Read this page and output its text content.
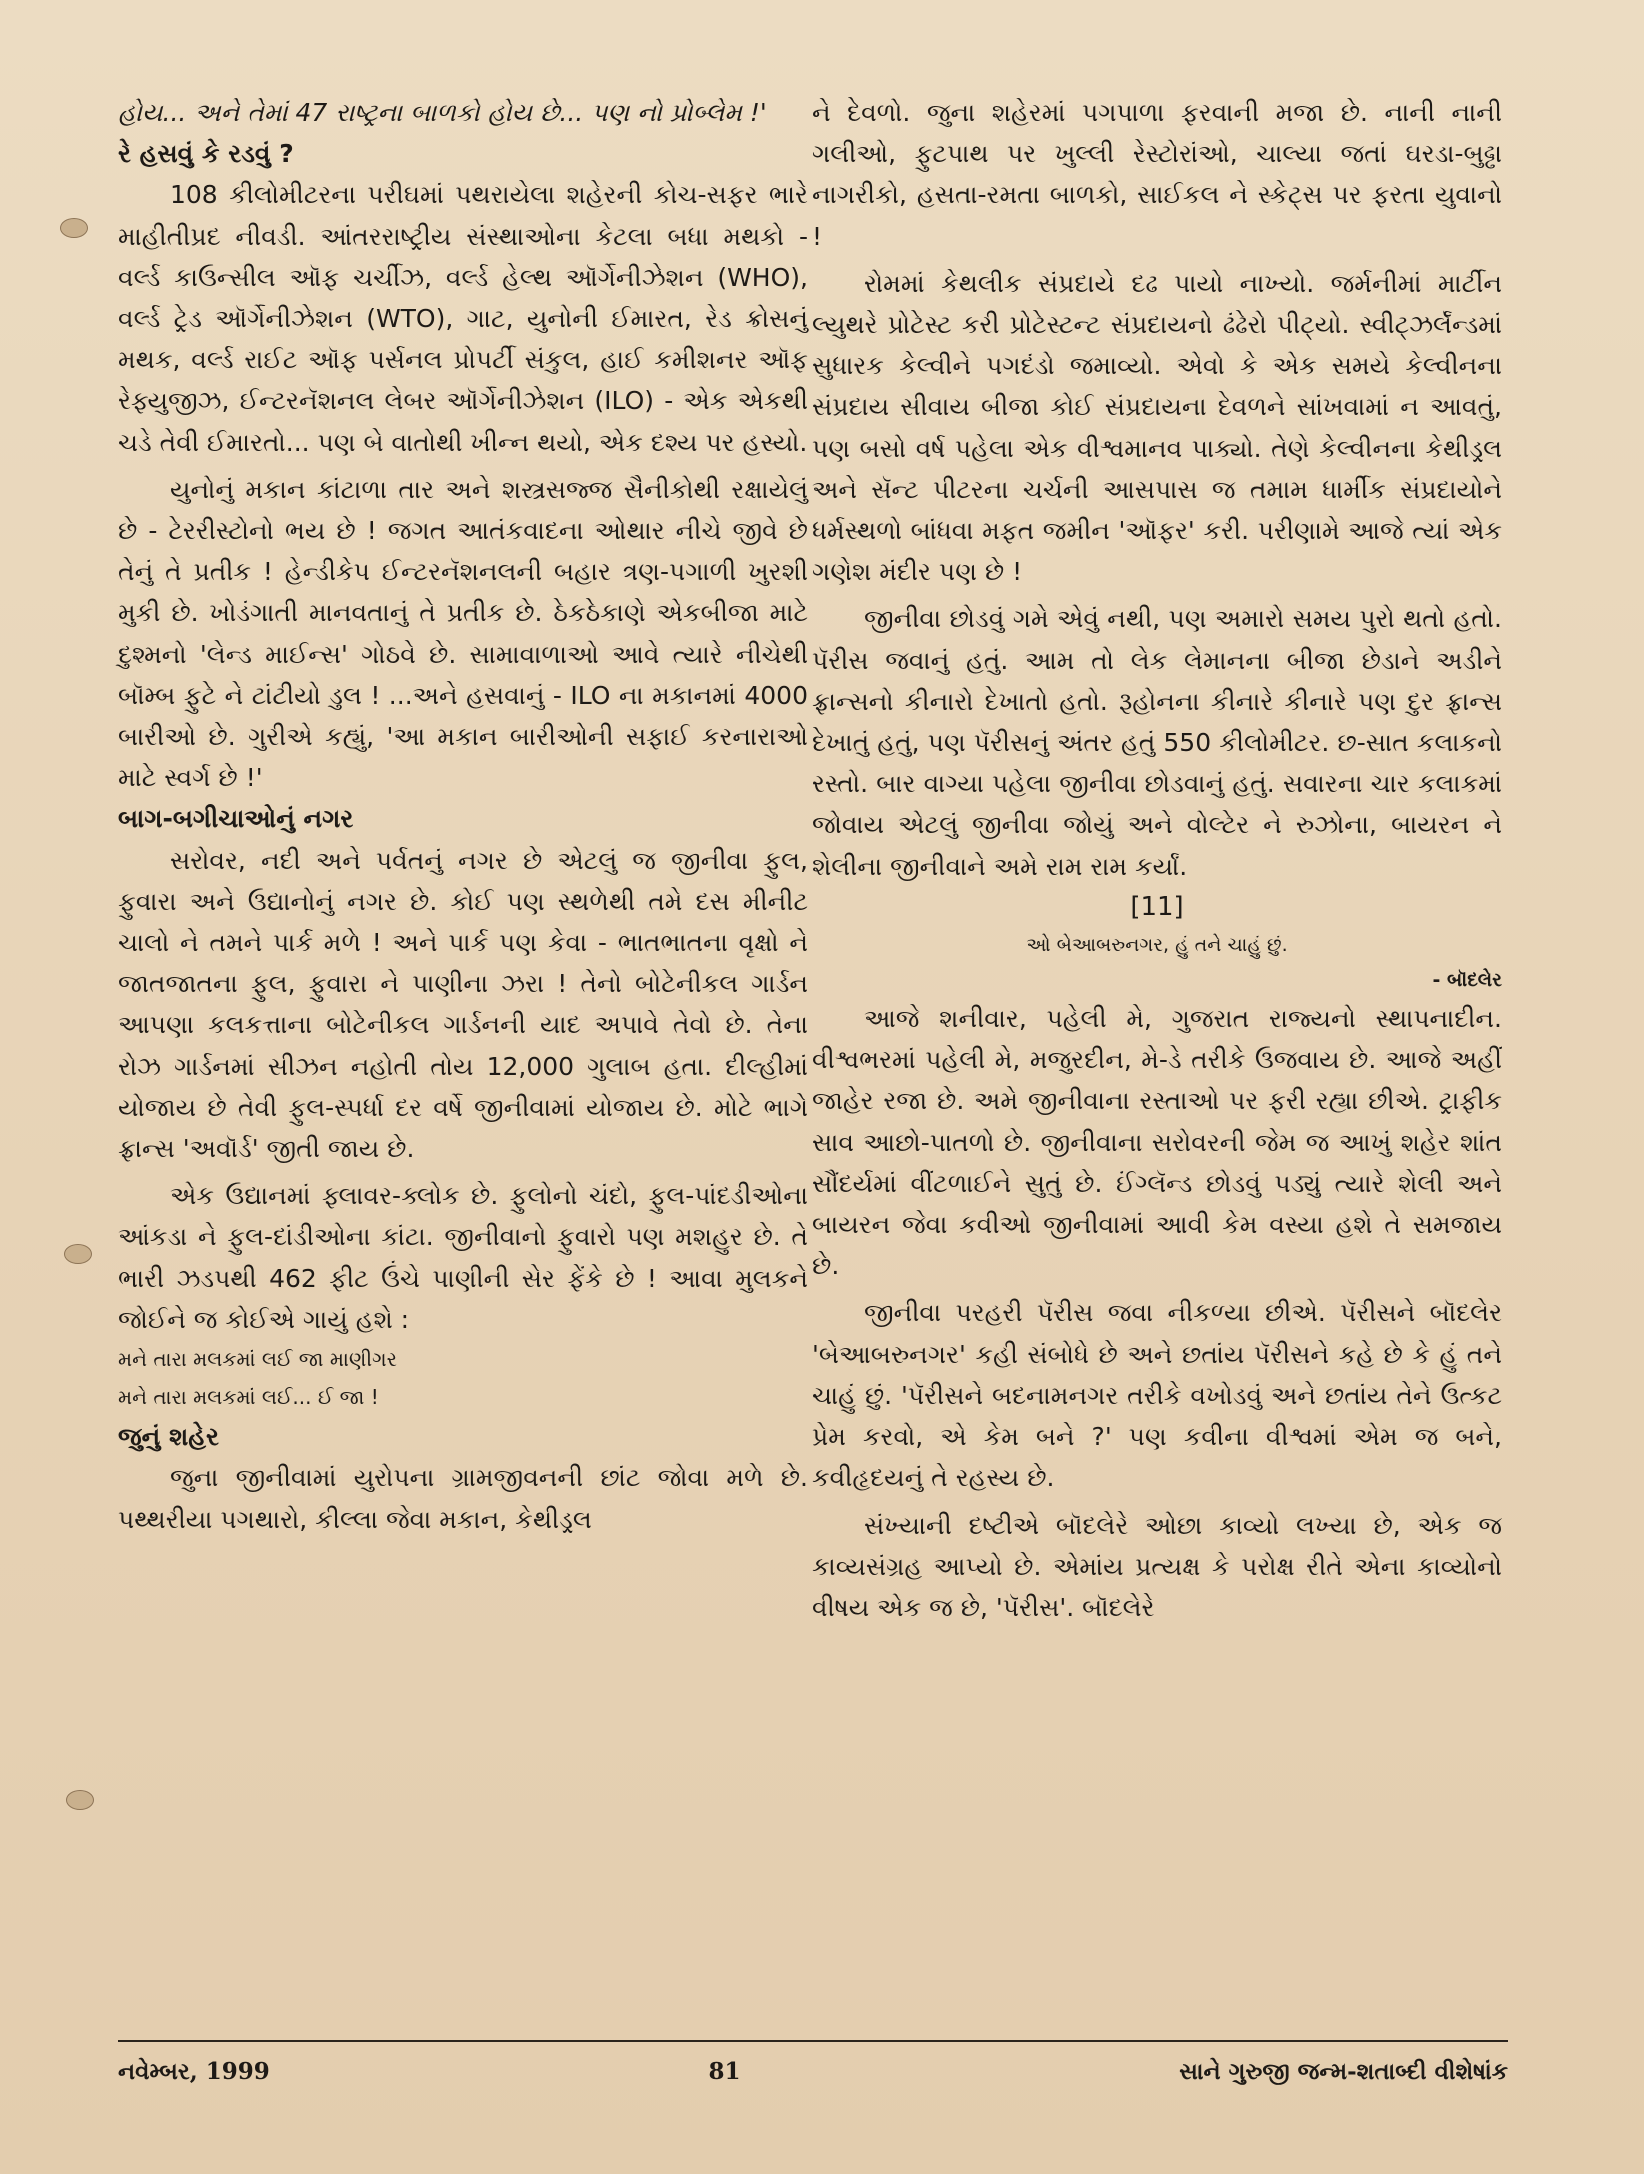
હોય... અને તેમાં 47 રાષ્ટ્રના બાળકો હોય છે... પણ નો પ્રોબ્લેમ !'

રે હસવું કે રડવું ?

108 કીલોમીટરના પરીઘમાં પથરાયેલા શહેરની કોચ-સફર ભારે માહીતીપ્રદ નીવડી. આંતરરાષ્ટ્રીય સંસ્થાઓના કેટલા બધા મથકો - વર્લ્ડ કાઉન્સીલ ઑફ ચર્ચીઝ, વર્લ્ડ હેલ્થ ઑર્ગેનીઝેશન (WHO), વર્લ્ડ ટ્રેડ ઑર્ગેનીઝેશન (WTO), ગાટ, યુનોની ઈમારત, રેડ ક્રોસનું મથક, વર્લ્ડ રાઈટ ઑફ પર્સનલ પ્રોપર્ટી સંકુલ, હાઈ કમીશનર ઑફ રેફ્યુજીઝ, ઈન્ટરનૅશનલ લેબર ઑર્ગેનીઝેશન (ILO) - એક એકથી ચડે તેવી ઈમારતો... પણ બે વાતોથી ખીન્ન થયો, એક દશ્ય પર હસ્યો.

યુનોનું મકાન કાંટાળા તાર અને શસ્ત્રસજ્જ સૈનીકોથી રક્ષાયેલું છે - ટેરરીસ્ટોનો ભય છે ! જગત આતંકવાદના ઓથાર નીચે જીવે છે તેનું તે પ્રતીક ! હેન્ડીકેપ ઈન્ટરનૅશનલની બહાર ત્રણ-પગાળી ખુરશી મુકી છે. ખોડંગાતી માનવતાનું તે પ્રતીક છે. ઠેકઠેકાણે એકબીજા માટે દુશ્મનો 'લેન્ડ માઈન્સ' ગોઠવે છે. સામાવાળાઓ આવે ત્યારે નીચેથી બૉમ્બ ફુટે ને ટાંટીયો ડુલ ! ...અને હસવાનું - ILO ના મકાનમાં 4000 બારીઓ છે. ગુરીએ કહ્યું, 'આ મકાન બારીઓની સફાઈ કરનારાઓ માટે સ્વર્ગ છે !'

બાગ-બગીચાઓનું નગર

સરોવર, નદી અને પર્વતનું નગર છે એટલું જ જીનીવા ફુલ, ફુવારા અને ઉદ્યાનોનું નગર છે. કોઈ પણ સ્થળેથી તમે દસ મીનીટ ચાલો ને તમને પાર્ક મળે ! અને પાર્ક પણ કેવા - ભાતભાતના વૃક્ષો ને જાતજાતના ફુલ, ફુવારા ને પાણીના ઝરા ! તેનો બોટેનીકલ ગાર્ડન આપણા કલકત્તાના બોટેનીકલ ગાર્ડનની યાદ અપાવે તેવો છે. તેના રોઝ ગાર્ડનમાં સીઝન નહોતી તોય 12,000 ગુલાબ હતા. દીલ્હીમાં યોજાય છે તેવી ફુલ-સ્પર્ધા દર વર્ષે જીનીવામાં યોજાય છે. મોટે ભાગે ફ્રાન્સ 'અવૉર્ડ' જીતી જાય છે.

એક ઉદ્યાનમાં ફ્લાવર-ક્લોક છે. ફુલોનો ચંદો, ફુલ-પાંદડીઓના આંકડા ને ફુલ-દાંડીઓના કાંટા. જીનીવાનો ફુવારો પણ મશહુર છે. તે ભારી ઝડપથી 462 ફીટ ઉંચે પાણીની સેર ફેંકે છે ! આવા મુલકને જોઈને જ કોઈએ ગાયું હશે :

મને તારા મલકમાં લઈ જા માણીગર

મને તારા મલકમાં લઈ... ઈ જા !

જુનું શહેર

જુના જીનીવામાં યુરોપના ગ્રામજીવનની છાંટ જોવા મળે છે. પથ્થરીયા પગથારો, કીલ્લા જેવા મકાન, કેથીડ્રલ

ને દેવળો. જુના શહેરમાં પગપાળા ફરવાની મજા છે. નાની નાની ગલીઓ, ફુટપાથ પર ખુલ્લી રેસ્ટોરાંઓ, ચાલ્યા જતાં ઘરડા-બુઢ્ઢા નાગરીકો, હસતા-રમતા બાળકો, સાઈકલ ને સ્કેટ્સ પર ફરતા યુવાનો !

રોમમાં કેથલીક સંપ્રદાયે દઢ પાયો નાખ્યો. જર્મનીમાં માર્ટીન લ્યુથરે પ્રોટેસ્ટ કરી પ્રોટેસ્ટન્ટ સંપ્રદાયનો ઢંઢેરો પીટ્યો. સ્વીટ્ઝર્લૅન્ડમાં સુધારક કેલ્વીને પગદંડો જમાવ્યો. એવો કે એક સમયે કેલ્વીનના સંપ્રદાય સીવાય બીજા કોઈ સંપ્રદાયના દેવળને સાંખવામાં ન આવતું, પણ બસો વર્ષ પહેલા એક વીશ્વમાનવ પાક્યો. તેણે કેલ્વીનના કેથીડ્રલ અને સૅન્ટ પીટરના ચર્ચની આસપાસ જ તમામ ધાર્મીક સંપ્રદાયોને ધર્મસ્થળો બાંધવા મફત જમીન 'ઑફર' કરી. પરીણામે આજે ત્યાં એક ગણેશ મંદીર પણ છે !

જીનીવા છોડવું ગમે એવું નથી, પણ અમારો સમય પુરો થતો હતો. પૅરીસ જવાનું હતું. આમ તો લેક લેમાનના બીજા છેડાને અડીને ફ્રાન્સનો કીનારો દેખાતો હતો. રૂહોનના કીનારે કીનારે પણ દુર ફ્રાન્સ દેખાતું હતું, પણ પૅરીસનું અંતર હતું 550 કીલોમીટર. છ-સાત કલાકનો રસ્તો. બાર વાગ્યા પહેલા જીનીવા છોડવાનું હતું. સવારના ચાર કલાકમાં જોવાય એટલું જીનીવા જોયું અને વોલ્ટેર ને રુઝોના, બાયરન ને શેલીના જીનીવાને અમે રામ રામ કર્યાં.

[11]

ઓ બેઆબરુનગર, હું તને ચાહું છું.

- બૉદલેર

આજે શનીવાર, પહેલી મે, ગુજરાત રાજ્યનો સ્થાપનાદીન. વીશ્વભરમાં પહેલી મે, મજુરદીન, મે-ડે તરીકે ઉજવાય છે. આજે અહીં જાહેર રજા છે. અમે જીનીવાના રસ્તાઓ પર ફરી રહ્યા છીએ. ટ્રાફીક સાવ આછો-પાતળો છે. જીનીવાના સરોવરની જેમ જ આખું શહેર શાંત સૌંદર્યમાં વીંટળાઈને સુતું છે. ઈંગ્લૅન્ડ છોડવું પડ્યું ત્યારે શેલી અને બાયરન જેવા કવીઓ જીનીવામાં આવી કેમ વસ્યા હશે તે સમજાય છે.

જીનીવા પરહરી પૅરીસ જવા નીકળ્યા છીએ. પૅરીસને બૉદલેર 'બેઆબરુનગર' કહી સંબોધે છે અને છતાંય પૅરીસને કહે છે કે હું તને ચાહું છું. 'પૅરીસને બદનામનગર તરીકે વખોડવું અને છતાંય તેને ઉત્કટ પ્રેમ કરવો, એ કેમ બને ?' પણ કવીના વીશ્વમાં એમ જ બને, કવીહૃદયનું તે રહસ્ય છે.

સંખ્યાની દષ્ટીએ બૉદલેરે ઓછા કાવ્યો લખ્યા છે, એક જ કાવ્યસંગ્રહ આપ્યો છે. એમાંય પ્રત્યક્ષ કે પરોક્ષ રીતે એના કાવ્યોનો વીષય એક જ છે, 'પૅરીસ'. બૉદલેરે

નવેમ્બર, 1999	81	સાને ગુરુજી જન્મ-શતાબ્દી વીશેષાંક
